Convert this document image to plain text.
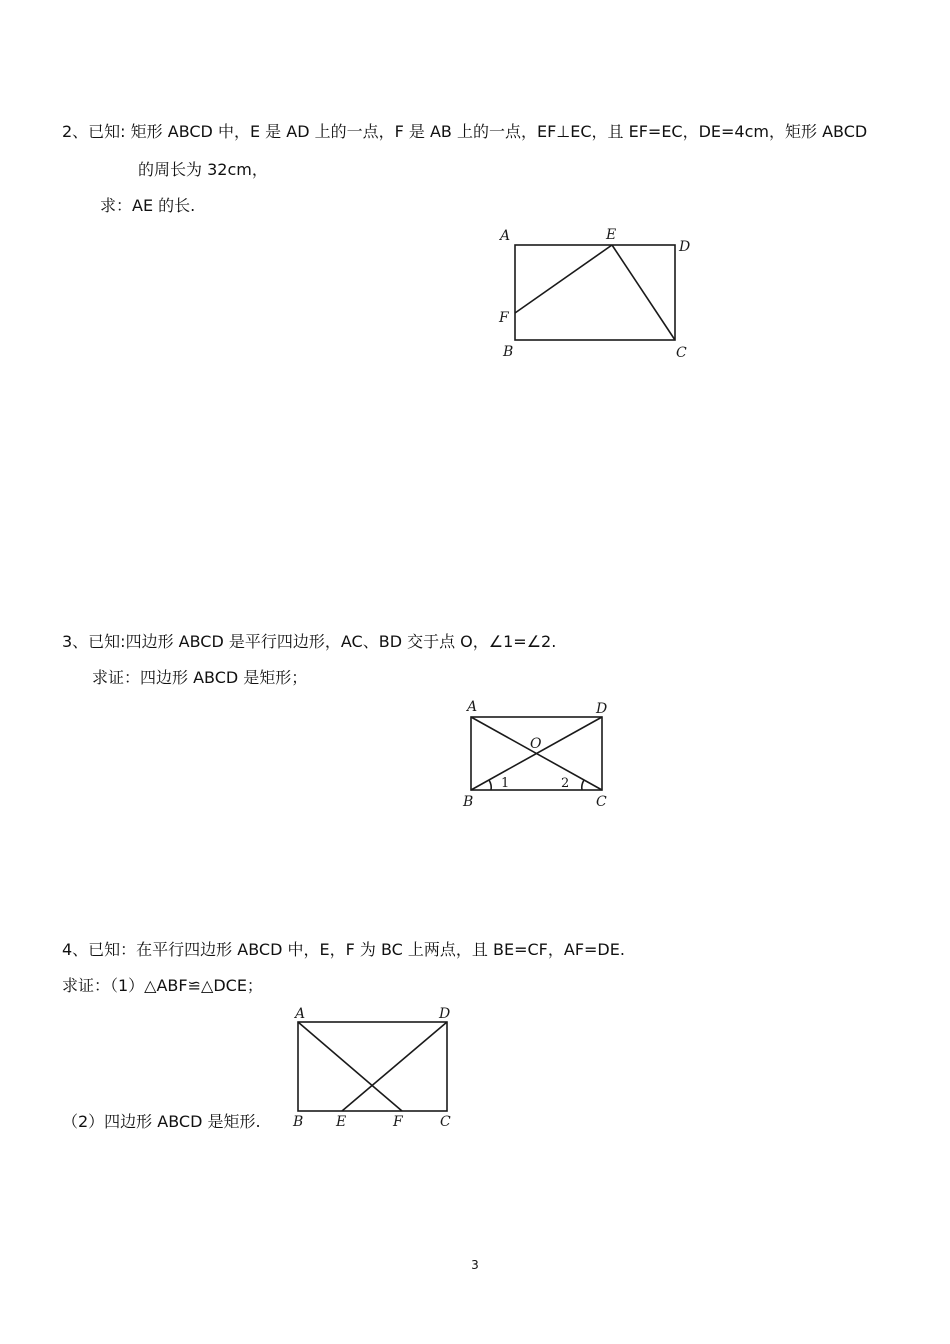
2、已知: 矩形 ABCD 中，E 是 AD 上的一点，F 是 AB 上的一点，EF⊥EC，且 EF=EC，DE=4cm，矩形 ABCD
的周长为 32cm，
求：AE 的长.
A	E
D
F
B	C
3、已知:四边形 ABCD 是平行四边形，AC、BD 交于点 O，∠1=∠2.
求证：四边形 ABCD 是矩形；
A	D
O
1	2
B	C
4、已知：在平行四边形 ABCD 中，E，F 为 BC 上两点，且 BE=CF，AF=DE.
求证：（1）△ABF≌△DCE；
（2）四边形 ABCD 是矩形.
A	D
B E	F	C
3
